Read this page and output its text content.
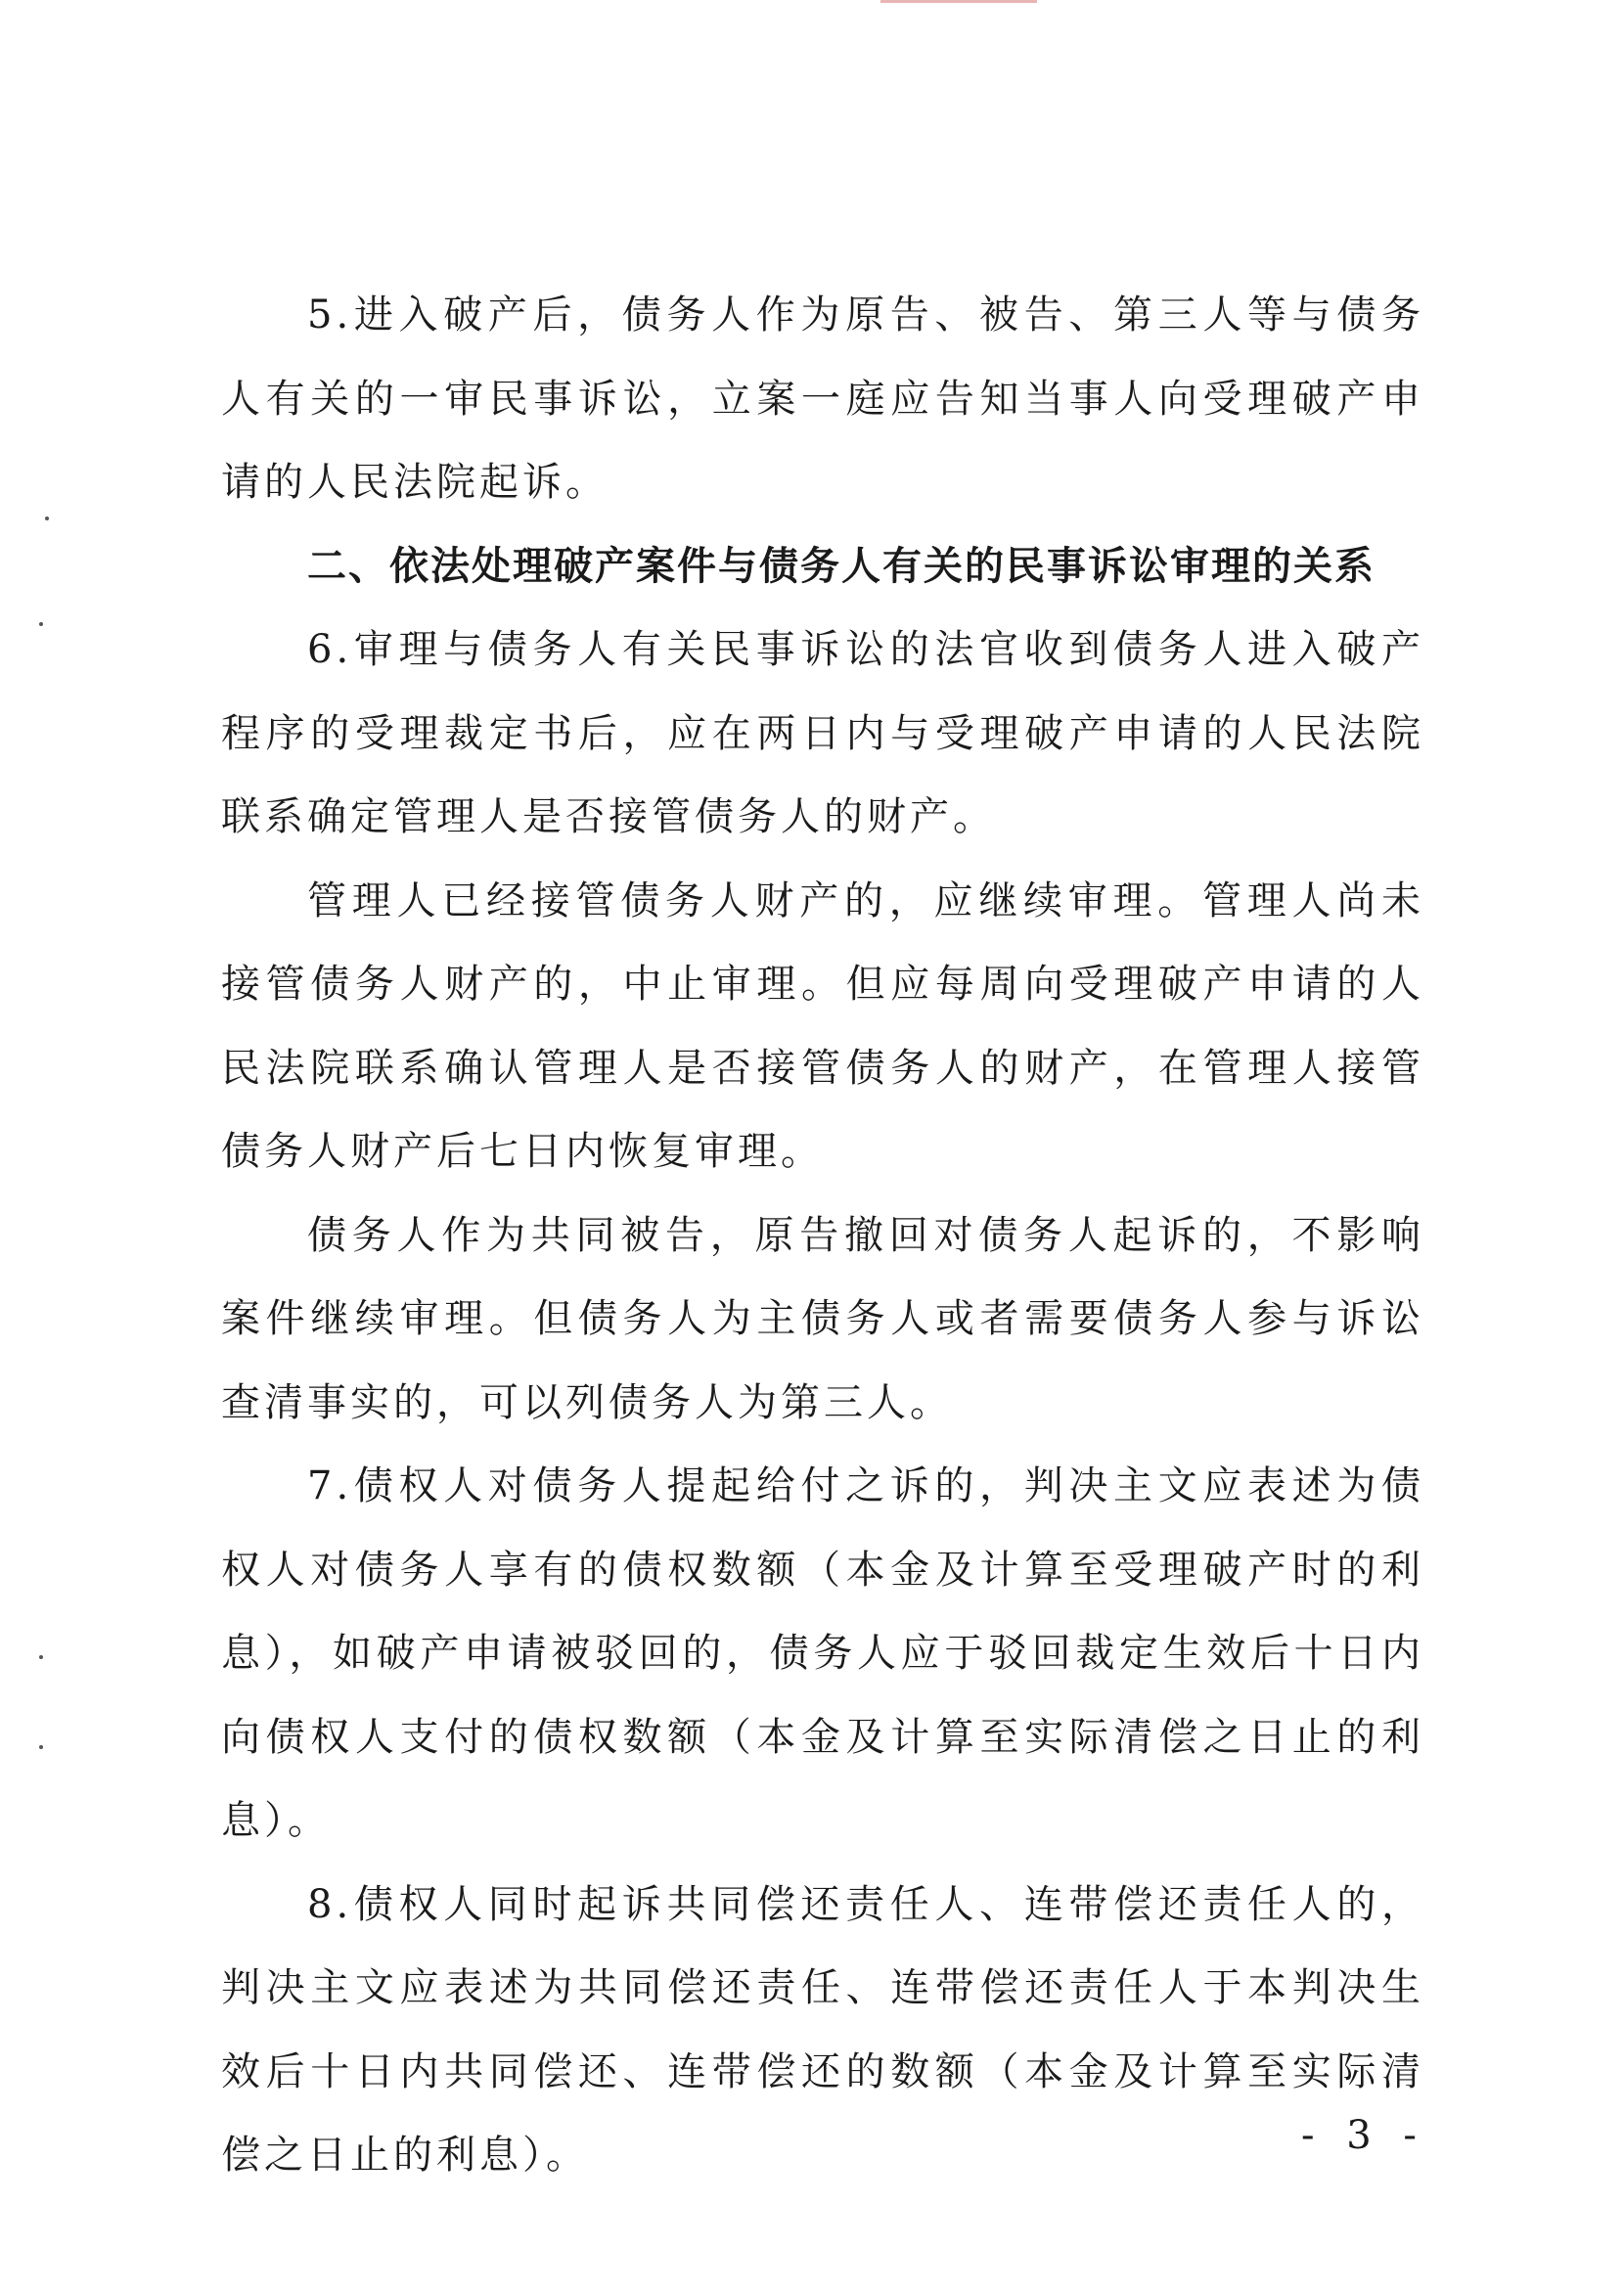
5.进入破产后，债务人作为原告、被告、第三人等与债务人有关的一审民事诉讼，立案一庭应告知当事人向受理破产申请的人民法院起诉。

二、依法处理破产案件与债务人有关的民事诉讼审理的关系

6.审理与债务人有关民事诉讼的法官收到债务人进入破产程序的受理裁定书后，应在两日内与受理破产申请的人民法院联系确定管理人是否接管债务人的财产。

管理人已经接管债务人财产的，应继续审理。管理人尚未接管债务人财产的，中止审理。但应每周向受理破产申请的人民法院联系确认管理人是否接管债务人的财产，在管理人接管债务人财产后七日内恢复审理。

债务人作为共同被告，原告撤回对债务人起诉的，不影响案件继续审理。但债务人为主债务人或者需要债务人参与诉讼查清事实的，可以列债务人为第三人。

7.债权人对债务人提起给付之诉的，判决主文应表述为债权人对债务人享有的债权数额（本金及计算至受理破产时的利息），如破产申请被驳回的，债务人应于驳回裁定生效后十日内向债权人支付的债权数额（本金及计算至实际清偿之日止的利息）。

8.债权人同时起诉共同偿还责任人、连带偿还责任人的，判决主文应表述为共同偿还责任、连带偿还责任人于本判决生效后十日内共同偿还、连带偿还的数额（本金及计算至实际清偿之日止的利息）。	- 3 -
